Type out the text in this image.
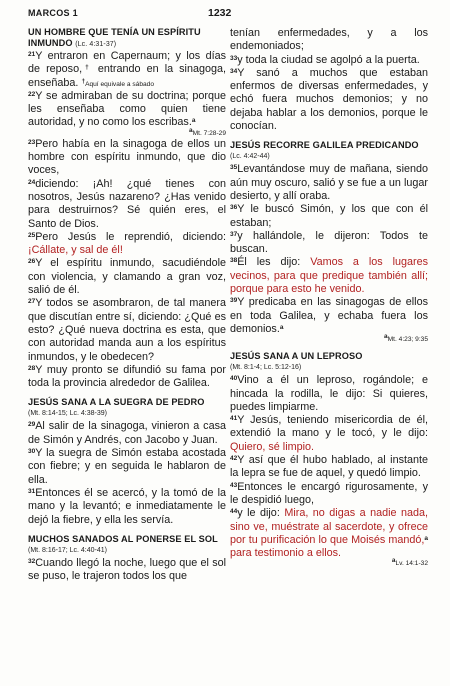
MARCOS 1	1232
UN HOMBRE QUE TENÍA UN ESPÍRITU
INMUNDO (Lc. 4:31-37)

$^{21}$Y entraron en Capernaum; y los días de reposo,† entrando en la sinagoga, enseñaba. †Aquí equivale a sábado

$^{22}$Y se admiraban de su doctrina; porque les enseñaba como quien tiene autoridad, y no como los escribas.$^a$

$^a$Mt. 7:28-29

$^{23}$Pero había en la sinagoga de ellos un hombre con espíritu inmundo, que dio voces,

$^{24}$diciendo: ¡Ah! ¿qué tienes con nosotros, Jesús nazareno? ¿Has venido para destruirnos? Sé quién eres, el Santo de Dios.

$^{25}$Pero Jesús le reprendió, diciendo: ¡Cállate, y sal de él!

$^{26}$Y el espíritu inmundo, sacudiéndole con violencia, y clamando a gran voz, salió de él.

$^{27}$Y todos se asombraron, de tal manera que discutían entre sí, diciendo: ¿Qué es esto? ¿Qué nueva doctrina es esta, que con autoridad manda aun a los espíritus inmundos, y le obedecen?

$^{28}$Y muy pronto se difundió su fama por toda la provincia alrededor de Galilea.

JESÚS SANA A LA SUEGRA DE PEDRO
(Mt. 8:14-15; Lc. 4:38-39)

$^{29}$Al salir de la sinagoga, vinieron a casa de Simón y Andrés, con Jacobo y Juan.

$^{30}$Y la suegra de Simón estaba acostada con fiebre; y en seguida le hablaron de ella.

$^{31}$Entonces él se acercó, y la tomó de la mano y la levantó; e inmediatamente le dejó la fiebre, y ella les servía.

MUCHOS SANADOS AL PONERSE EL SOL
(Mt. 8:16-17; Lc. 4:40-41)

$^{32}$Cuando llegó la noche, luego que el sol se puso, le trajeron todos los que

tenían enfermedades, y a los endemoniados;

$^{33}$y toda la ciudad se agolpó a la puerta.

$^{34}$Y sanó a muchos que estaban enfermos de diversas enfermedades, y echó fuera muchos demonios; y no dejaba hablar a los demonios, porque le conocían.

JESÚS RECORRE GALILEA PREDICANDO
(Lc. 4:42-44)

$^{35}$Levantándose muy de mañana, siendo aún muy oscuro, salió y se fue a un lugar desierto, y allí oraba.

$^{36}$Y le buscó Simón, y los que con él estaban;

$^{37}$y hallándole, le dijeron: Todos te buscan.

$^{38}$Él les dijo: Vamos a los lugares vecinos, para que predique también allí; porque para esto he venido.

$^{39}$Y predicaba en las sinagogas de ellos en toda Galilea, y echaba fuera los demonios.$^a$

$^a$Mt. 4:23; 9:35

JESÚS SANA A UN LEPROSO
(Mt. 8:1-4; Lc. 5:12-16)

$^{40}$Vino a él un leproso, rogándole; e hincada la rodilla, le dijo: Si quieres, puedes limpiarme.

$^{41}$Y Jesús, teniendo misericordia de él, extendió la mano y le tocó, y le dijo: Quiero, sé limpio.

$^{42}$Y así que él hubo hablado, al instante la lepra se fue de aquel, y quedó limpio.

$^{43}$Entonces le encargó rigurosamente, y le despidió luego,

$^{44}$y le dijo: Mira, no digas a nadie nada, sino ve, muéstrate al sacerdote, y ofrece por tu purificación lo que Moisés mandó,$^a$ para testimonio a ellos.

$^a$Lv. 14:1-32
